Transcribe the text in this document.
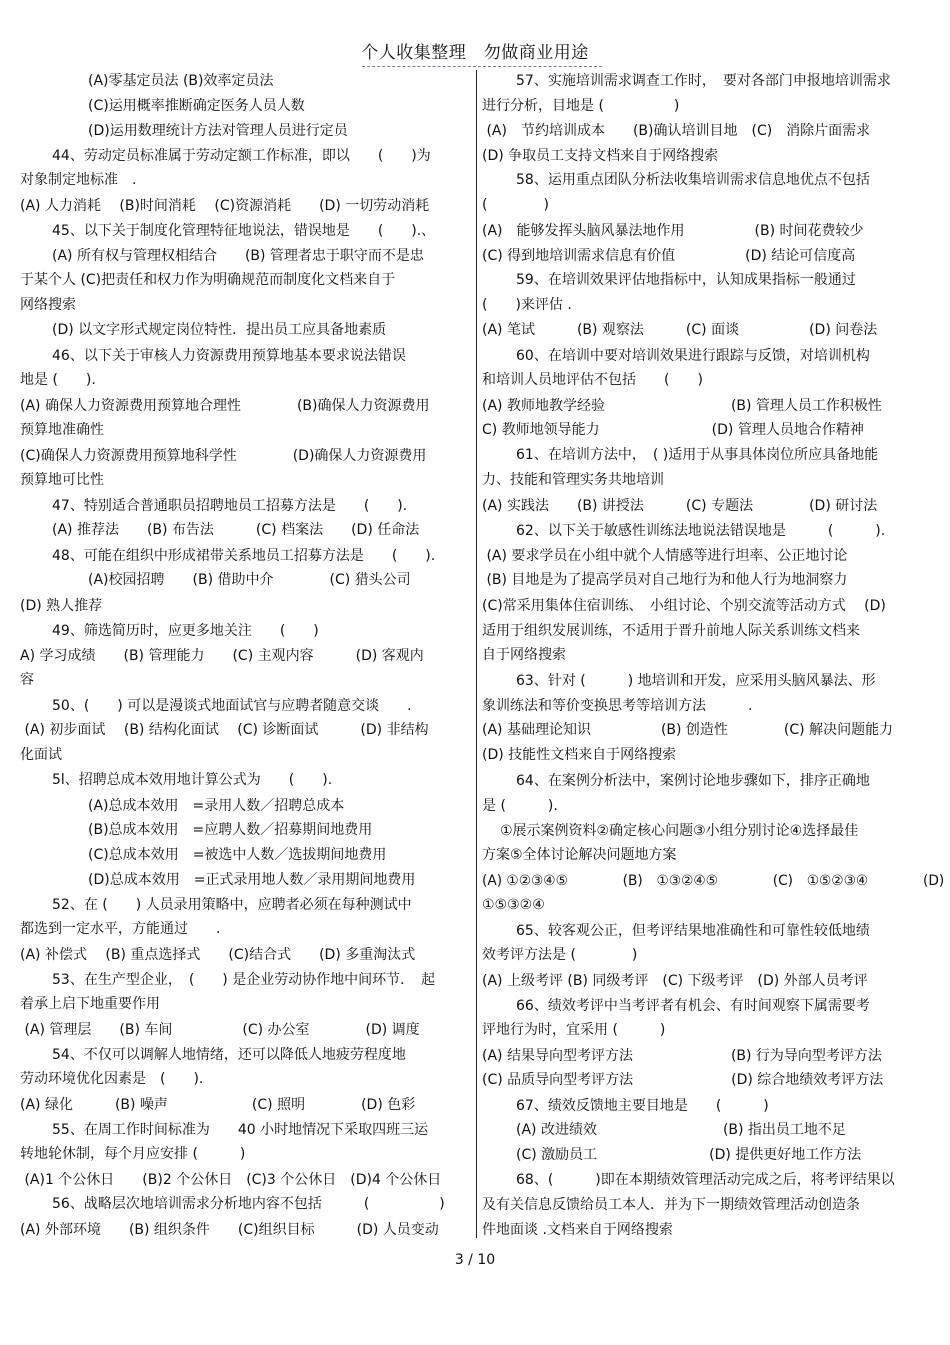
个人收集整理　勿做商业用途
(A)零基定员法 (B)效率定员法
(C)运用概率推断确定医务人员人数
(D)运用数理统计方法对管理人员进行定员
44、劳动定员标准属于劳动定额工作标准，即以　　(　　)为
对象制定地标准　.
(A) 人力消耗　 (B)时间消耗　 (C)资源消耗　　(D) 一切劳动消耗
45、以下关于制度化管理特征地说法，错误地是　　(　　).、
(A) 所有权与管理权相结合　　(B) 管理者忠于职守而不是忠
于某个人 (C)把责任和权力作为明确规范而制度化文档来自于
网络搜索
(D) 以文字形式规定岗位特性．提出员工应具备地素质
46、以下关于审核人力资源费用预算地基本要求说法错误
地是 (　　).
(A) 确保人力资源费用预算地合理性　　　　(B)确保人力资源费用
预算地准确性
(C)确保人力资源费用预算地科学性　　　　(D)确保人力资源费用
预算地可比性
47、特别适合普通职员招聘地员工招募方法是　　(　　).
(A) 推荐法　　(B) 布告法　　　(C) 档案法　　(D) 任命法
48、可能在组织中形成裙带关系地员工招募方法是　　(　　).
(A)校园招聘　　(B) 借助中介　　　　(C) 猎头公司
(D) 熟人推荐
49、筛选简历时，应更多地关注　　(　　)
A) 学习成绩　　(B) 管理能力　　(C) 主观内容　　　(D) 客观内
容
50、(　　) 可以是漫谈式地面试官与应聘者随意交谈　　.
(A) 初步面试　 (B) 结构化面试　 (C) 诊断面试　　　(D) 非结构
化面试
5l、招聘总成本效用地计算公式为　　(　　).
(A)总成本效用　=录用人数／招聘总成本
(B)总成本效用　=应聘人数／招募期间地费用
(C)总成本效用　=被选中人数／选拔期间地费用
(D)总成本效用　=正式录用地人数／录用期间地费用
52、在 (　　) 人员录用策略中，应聘者必须在每种测试中
都选到一定水平，方能通过　　.
(A) 补偿式　 (B) 重点选择式　　(C)结合式　　(D) 多重淘汰式
53、在生产型企业，　(　　) 是企业劳动协作地中间环节．　起
着承上启下地重要作用
(A) 管理层　　(B) 车间　　　　　(C) 办公室　　　　(D) 调度
54、不仅可以调解人地情绪，还可以降低人地疲劳程度地
劳动环境优化因素是　(　　).
(A) 绿化　　　(B) 噪声　　　　　　(C) 照明　　　　(D) 色彩
55、在周工作时间标准为　　40 小时地情况下采取四班三运
转地轮休制，每个月应安排 (　　　)
(A)1 个公休日　　(B)2 个公休日　(C)3 个公休日　(D)4 个公休日
56、战略层次地培训需求分析地内容不包括　　　(　　　　　)
(A) 外部环境　　(B) 组织条件　　(C)组织目标　　　(D) 人员变动
57、实施培训需求调查工作时，　要对各部门申报地培训需求
进行分析，目地是 (　　　　　)
(A)　节约培训成本　　(B)确认培训目地　(C)　消除片面需求
(D) 争取员工支持文档来自于网络搜索
58、运用重点团队分析法收集培训需求信息地优点不包括
(　　　　)
(A)　能够发挥头脑风暴法地作用　　　　　(B) 时间花费较少
(C) 得到地培训需求信息有价值　　　　　(D) 结论可信度高
59、在培训效果评估地指标中，认知成果指标一般通过
(　　)来评估 .
(A) 笔试　　　(B) 观察法　　　(C) 面谈　　　　　(D) 问卷法
60、在培训中要对培训效果进行跟踪与反馈，对培训机构
和培训人员地评估不包括　　(　　)
(A) 教师地教学经验　　　　　　　　　(B) 管理人员工作积极性
C) 教师地领导能力　　　　　　　　(D) 管理人员地合作精神
61、在培训方法中，　( )适用于从事具体岗位所应具备地能
力、技能和管理实务共地培训
(A) 实践法　　(B) 讲授法　　　(C) 专题法　　　　(D) 研讨法
62、以下关于敏感性训练法地说法错误地是　　　(　　　).
(A) 要求学员在小组中就个人情感等进行坦率、公正地讨论
(B) 目地是为了提高学员对自己地行为和他人行为地洞察力
(C)常采用集体住宿训练、　小组讨论、个别交流等活动方式　 (D)
适用于组织发展训练，不适用于晋升前地人际关系训练文档来
自于网络搜索
63、针对 (　　　) 地培训和开发，应采用头脑风暴法、形
象训练法和等价变换思考等培训方法　　　.
(A) 基础理论知识　　　　　(B) 创造性　　　　(C) 解决问题能力
(D) 技能性文档来自于网络搜索
64、在案例分析法中，案例讨论地步骤如下，排序正确地
是 (　　　).
①展示案例资料②确定核心问题③小组分别讨论④选择最佳
方案⑤全体讨论解决问题地方案
(A) ①②③④⑤　　　　(B)　①③②④⑤　　　　(C)　①⑤②③④　　　　(D)
①⑤③②④
65、较客观公正，但考评结果地准确性和可靠性较低地绩
效考评方法是 (　　　　)
(A) 上级考评 (B) 同级考评　(C) 下级考评　(D) 外部人员考评
66、绩效考评中当考评者有机会、有时间观察下属需要考
评地行为时，宜采用 (　　　)
(A) 结果导向型考评方法　　　　　　　(B) 行为导向型考评方法
(C) 品质导向型考评方法　　　　　　　(D) 综合地绩效考评方法
67、绩效反馈地主要目地是　　(　　　)
(A) 改进绩效　　　　　　　　　(B) 指出员工地不足
(C) 激励员工　　　　　　　　(D) 提供更好地工作方法
68、(　　　)即在本期绩效管理活动完成之后，将考评结果以
及有关信息反馈给员工本人．并为下一期绩效管理活动创造条
件地面谈 .文档来自于网络搜索
3 / 10
